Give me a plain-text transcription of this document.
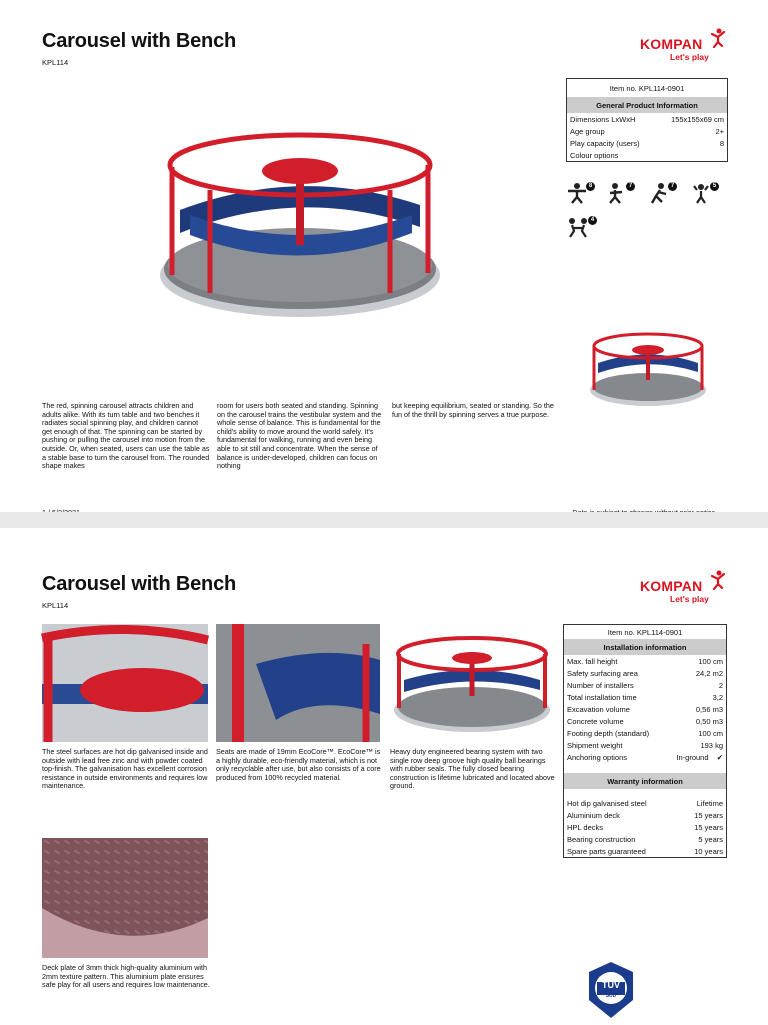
Carousel with Bench
KPL114
KOMPAN
Let's play
Item no. KPL114-0901	
General Product Information	
Dimensions LxWxH	155x155x69 cm
Age group	2+
Play capacity (users)	8
Colour options	
8	7	7	5
4
The red, spinning carousel attracts children and adults alike. With its turn table and two benches it radiates social spinning play, and children cannot get enough of that. The spinning can be started by pushing or pulling the carousel into motion from the outside. Or, when seated, users can use the table as a stable base to turn the carousel from. The rounded shape makes
room for users both seated and standing. Spinning on the carousel trains the vestibular system and the whole sense of balance. This is fundamental for the child's ability to move around the world safely. It's fundamental for walking, running and even being able to sit still and concentrate. When the sense of balance is under-developed, children can focus on nothing
but keeping equilibrium, seated or standing. So the fun of the thrill by spinning serves a true purpose.
Carousel with Bench
KPL114
KOMPAN
Let's play
The steel surfaces are hot dip galvanised inside and outside with lead free zinc and with powder coated top-finish. The galvanisation has excellent corrosion resistance in outside environments and requires low maintenance.
Seats are made of 19mm EcoCore™. EcoCore™ is a highly durable, eco-friendly material, which is not only recyclable after use, but also consists of a core produced from 100% recycled material.
Heavy duty engineered bearing system with two single row deep groove high quality ball bearings with rubber seals. The fully closed bearing construction is lifetime lubricated and located above ground.
Deck plate of 3mm thick high-quality aluminium with 2mm texture pattern. This aluminium plate ensures safe play for all users and requires low maintenance.
Item no. KPL114-0901		
Installation information		
Max. fall height	100 cm	
Safety surfacing area	24,2 m2	
Number of installers	2	
Total installation time	3,2	
Excavation volume	0,56 m3	
Concrete volume	0,50 m3	
Footing depth (standard)	100 cm	
Shipment weight	193 kg	
Anchoring options	In-ground	✔

Warranty information		

Hot dip galvanised steel	Lifetime	
Aluminium deck	15 years	
HPL decks	15 years	
Bearing construction	5 years	
Spare parts guaranteed	10 years	
TÜV
SÜD
